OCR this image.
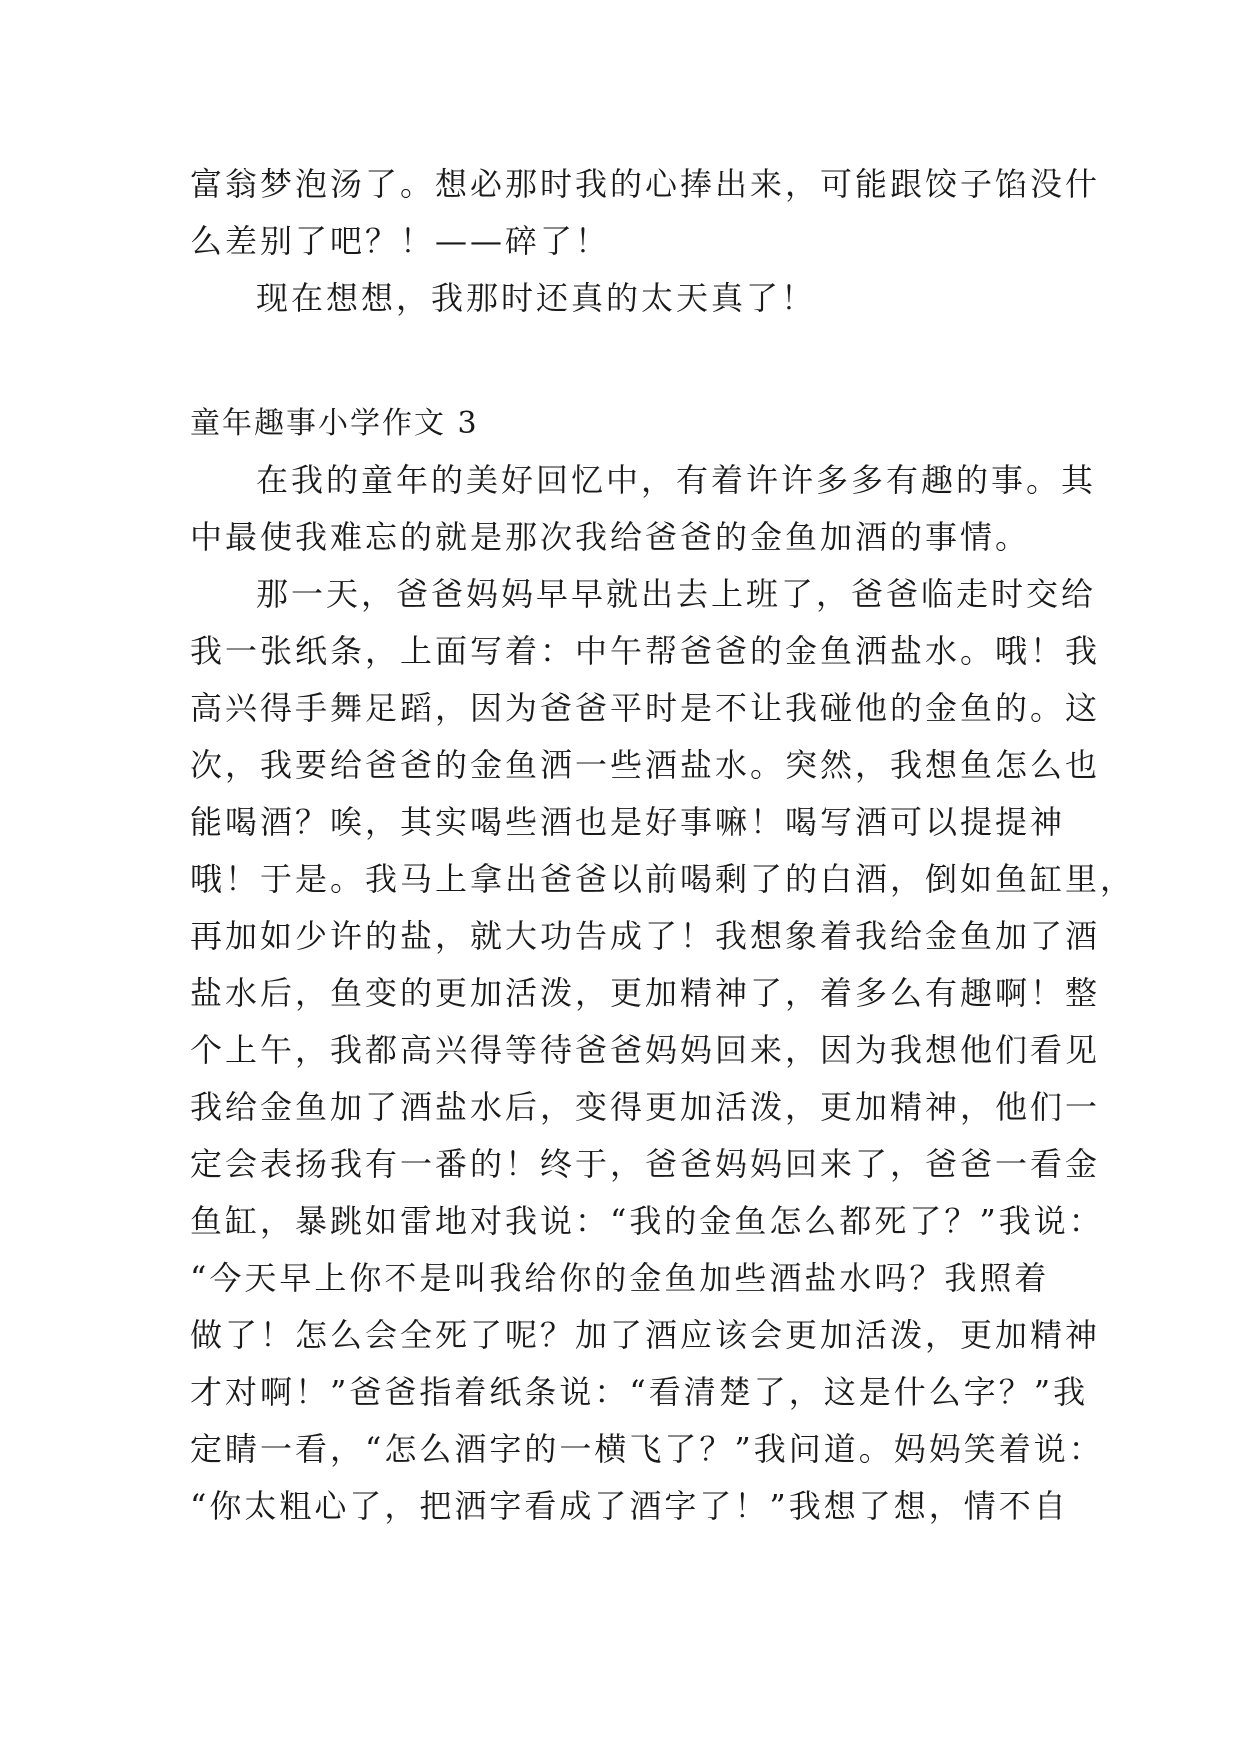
富翁梦泡汤了。想必那时我的心捧出来，可能跟饺子馅没什
么差别了吧？！——碎了！
现在想想，我那时还真的太天真了！
童年趣事小学作文 3
在我的童年的美好回忆中，有着许许多多有趣的事。其
中最使我难忘的就是那次我给爸爸的金鱼加酒的事情。
那一天，爸爸妈妈早早就出去上班了，爸爸临走时交给
我一张纸条，上面写着：中午帮爸爸的金鱼洒盐水。哦！我
高兴得手舞足蹈，因为爸爸平时是不让我碰他的金鱼的。这
次，我要给爸爸的金鱼洒一些酒盐水。突然，我想鱼怎么也
能喝酒？唉，其实喝些酒也是好事嘛！喝写酒可以提提神
哦！于是。我马上拿出爸爸以前喝剩了的白酒，倒如鱼缸里，
再加如少许的盐，就大功告成了！我想象着我给金鱼加了酒
盐水后，鱼变的更加活泼，更加精神了，着多么有趣啊！整
个上午，我都高兴得等待爸爸妈妈回来，因为我想他们看见
我给金鱼加了酒盐水后，变得更加活泼，更加精神，他们一
定会表扬我有一番的！终于，爸爸妈妈回来了，爸爸一看金
鱼缸，暴跳如雷地对我说：“我的金鱼怎么都死了？”我说：
“今天早上你不是叫我给你的金鱼加些酒盐水吗？我照着
做了！怎么会全死了呢？加了酒应该会更加活泼，更加精神
才对啊！”爸爸指着纸条说：“看清楚了，这是什么字？”我
定睛一看，“怎么酒字的一横飞了？”我问道。妈妈笑着说：
“你太粗心了，把洒字看成了酒字了！”我想了想，情不自
